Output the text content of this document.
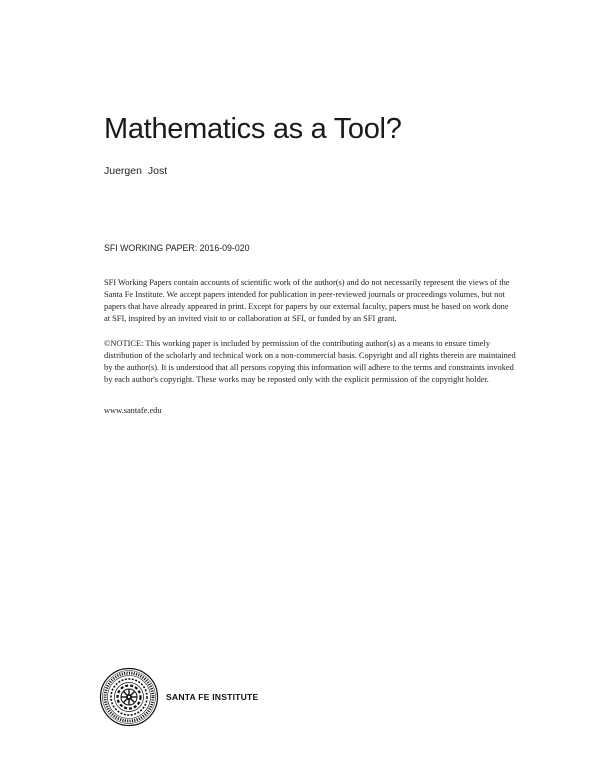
Mathematics as a Tool?
Juergen Jost
SFI WORKING PAPER: 2016-09-020

SFI Working Papers contain accounts of scientific work of the author(s) and do not necessarily represent the views of the Santa Fe Institute. We accept papers intended for publication in peer-reviewed journals or proceedings volumes, but not papers that have already appeared in print. Except for papers by our external faculty, papers must be based on work done at SFI, inspired by an invited visit to or collaboration at SFI, or funded by an SFI grant.

©NOTICE: This working paper is included by permission of the contributing author(s) as a means to ensure timely distribution of the scholarly and technical work on a non-commercial basis. Copyright and all rights therein are maintained by the author(s). It is understood that all persons copying this information will adhere to the terms and constraints invoked by each author's copyright. These works may be reposted only with the explicit permission of the copyright holder.

www.santafe.edu
SANTA FE INSTITUTE
